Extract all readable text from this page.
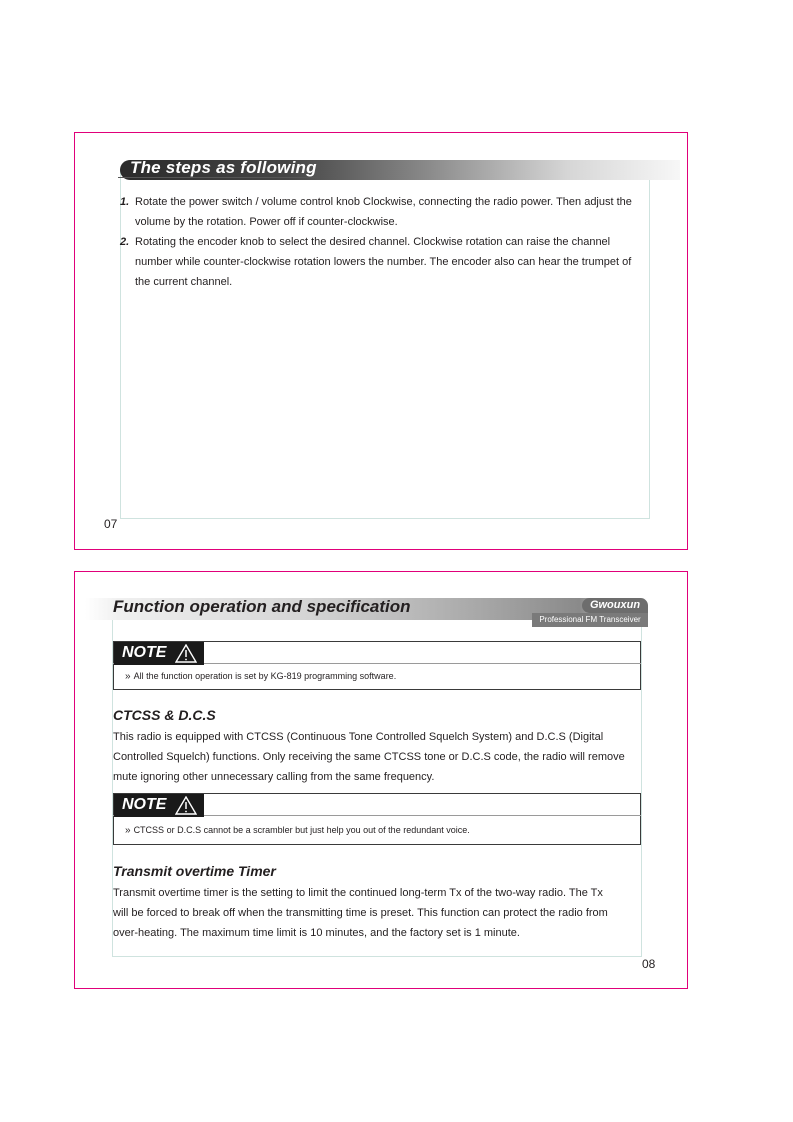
The steps as following
1. Rotate the power switch / volume control knob Clockwise, connecting the radio power. Then adjust the volume by the rotation. Power off if counter-clockwise.
2. Rotating the encoder knob to select the desired channel. Clockwise rotation can raise the channel number while counter-clockwise rotation lowers the number. The encoder also can hear the trumpet of the current channel.
07
Function operation and specification	Gwouxun
Professional FM Transceiver
NOTE
» All the function operation is set by KG-819 programming software.
CTCSS & D.C.S
This radio is equipped with CTCSS (Continuous Tone Controlled Squelch System) and D.C.S (Digital
Controlled Squelch) functions. Only receiving the same CTCSS tone or D.C.S code, the radio will remove
mute ignoring other unnecessary calling from the same frequency.
NOTE
» CTCSS or D.C.S cannot be a scrambler but just help you out of the redundant voice.
Transmit overtime Timer
Transmit overtime timer is the setting to limit the continued long-term Tx of the two-way radio. The Tx
will be forced to break off when the transmitting time is preset. This function can protect the radio from
over-heating. The maximum time limit is 10 minutes, and the factory set is 1 minute.
08
